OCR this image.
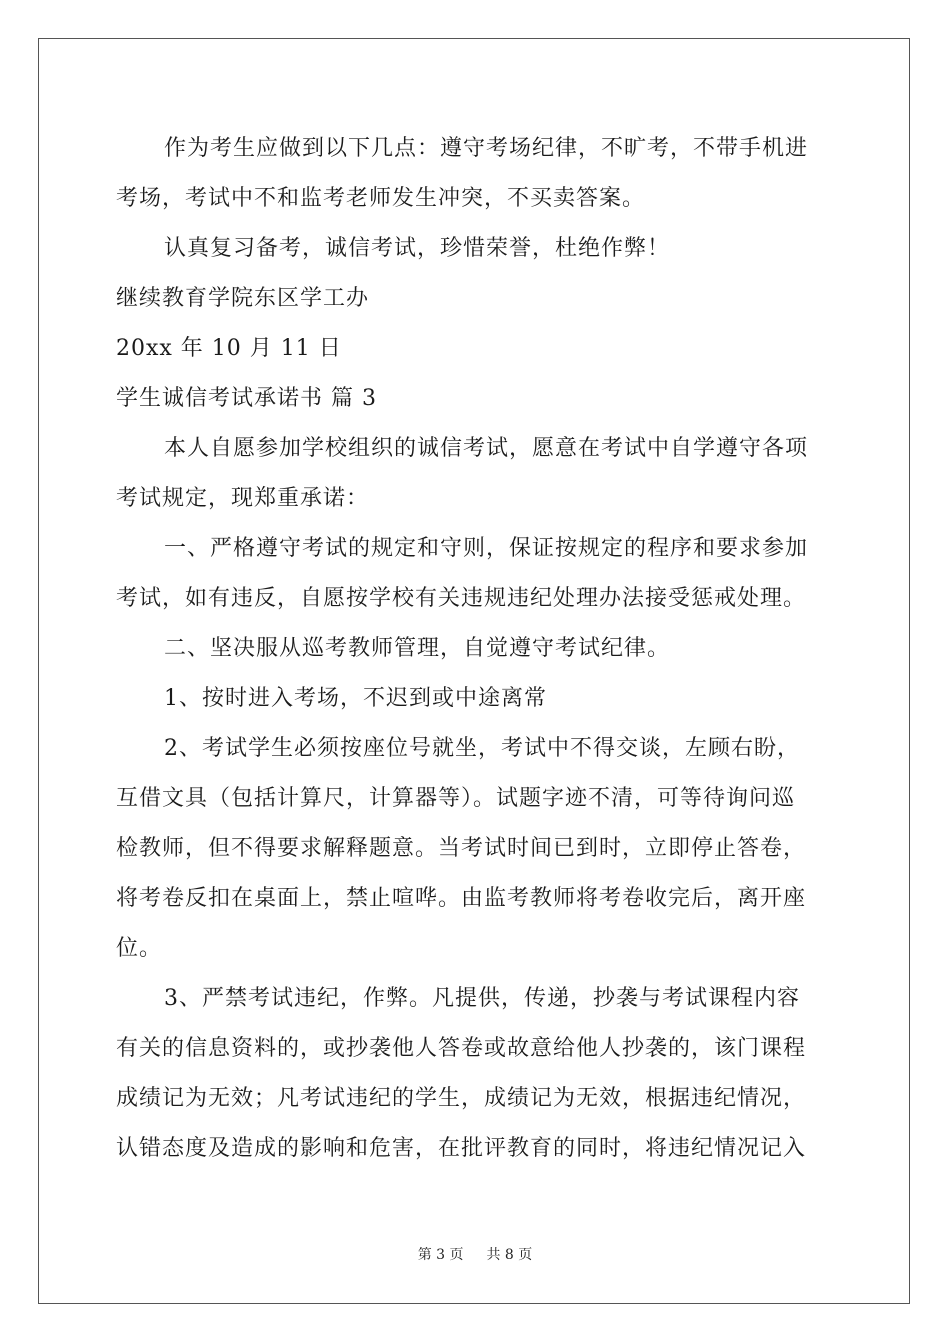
作为考生应做到以下几点：遵守考场纪律，不旷考，不带手机进
考场，考试中不和监考老师发生冲突，不买卖答案。
认真复习备考，诚信考试，珍惜荣誉，杜绝作弊！
继续教育学院东区学工办
20xx 年 10 月 11 日
学生诚信考试承诺书 篇 3
本人自愿参加学校组织的诚信考试，愿意在考试中自学遵守各项
考试规定，现郑重承诺：
一、严格遵守考试的规定和守则，保证按规定的程序和要求参加
考试，如有违反，自愿按学校有关违规违纪处理办法接受惩戒处理。
二、坚决服从巡考教师管理，自觉遵守考试纪律。
1、按时进入考场，不迟到或中途离常
2、考试学生必须按座位号就坐，考试中不得交谈，左顾右盼，
互借文具（包括计算尺，计算器等）。试题字迹不清，可等待询问巡
检教师，但不得要求解释题意。当考试时间已到时，立即停止答卷，
将考卷反扣在桌面上，禁止喧哗。由监考教师将考卷收完后，离开座
位。
3、严禁考试违纪，作弊。凡提供，传递，抄袭与考试课程内容
有关的信息资料的，或抄袭他人答卷或故意给他人抄袭的，该门课程
成绩记为无效；凡考试违纪的学生，成绩记为无效，根据违纪情况，
认错态度及造成的影响和危害，在批评教育的同时，将违纪情况记入
第 3 页 共 8 页
